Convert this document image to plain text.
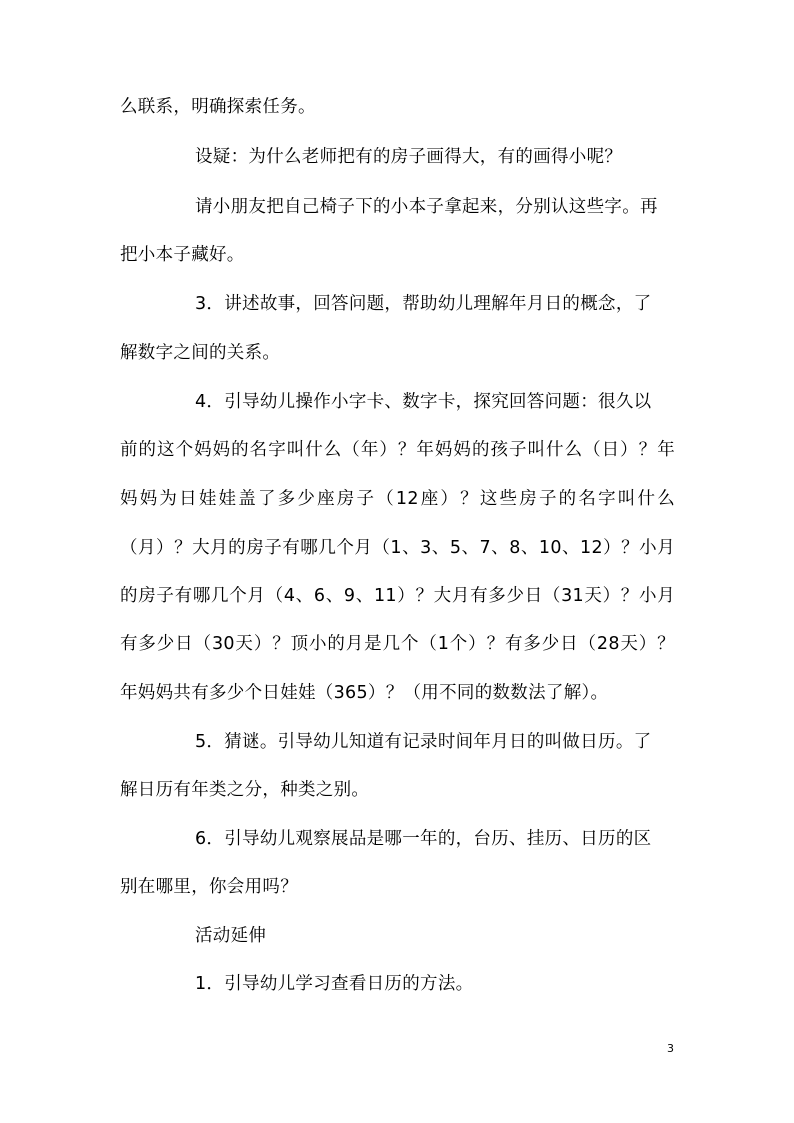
么联系，明确探索任务。
设疑：为什么老师把有的房子画得大，有的画得小呢？
请小朋友把自己椅子下的小本子拿起来，分别认这些字。再
把小本子藏好。
3．讲述故事，回答问题，帮助幼儿理解年月日的概念，了
解数字之间的关系。
4．引导幼儿操作小字卡、数字卡，探究回答问题：很久以
前的这个妈妈的名字叫什么（年）？年妈妈的孩子叫什么（日）？年
妈妈为日娃娃盖了多少座房子（12座）？这些房子的名字叫什么
（月）？大月的房子有哪几个月（1、3、5、7、8、10、12）？小月
的房子有哪几个月（4、6、9、11）？大月有多少日（31天）？小月
有多少日（30天）？顶小的月是几个（1个）？有多少日（28天）？
年妈妈共有多少个日娃娃（365）？（用不同的数数法了解）。
5．猜谜。引导幼儿知道有记录时间年月日的叫做日历。了
解日历有年类之分，种类之别。
6．引导幼儿观察展品是哪一年的，台历、挂历、日历的区
别在哪里，你会用吗？
活动延伸
1．引导幼儿学习查看日历的方法。
3
